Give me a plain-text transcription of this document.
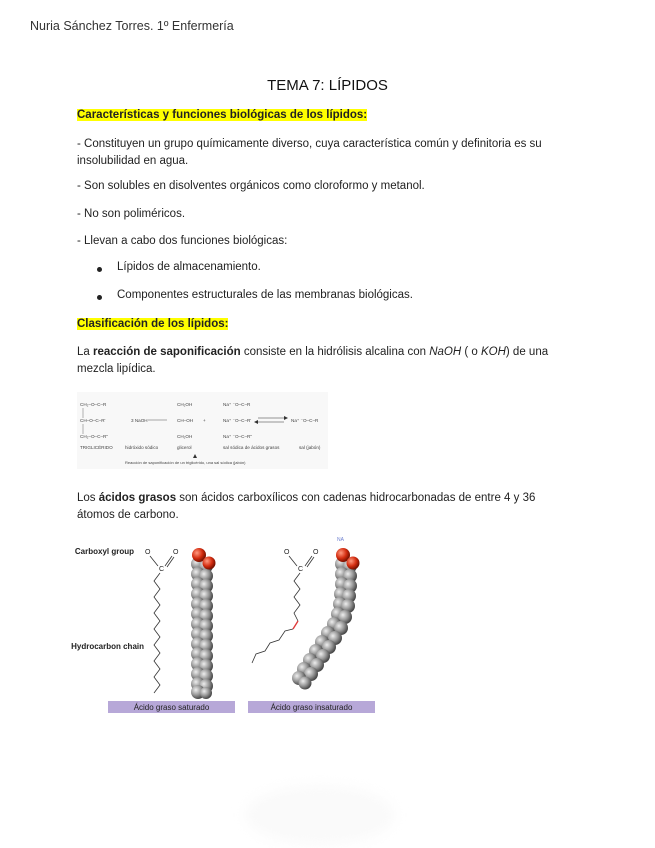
Nuria Sánchez Torres. 1º Enfermería
TEMA 7: LÍPIDOS
Características y funciones biológicas de los lípidos:
- Constituyen un grupo químicamente diverso, cuya característica común y definitoria es su insolubilidad en agua.
- Son solubles en disolventes orgánicos como cloroformo y metanol.
- No son poliméricos.
- Llevan a cabo dos funciones biológicas:
Lípidos de almacenamiento.
Componentes estructurales de las membranas biológicas.
Clasificación de los lípidos:
La reacción de saponificación consiste en la hidrólisis alcalina con NaOH ( o KOH) de una mezcla lipídica.
CH₂–O–C–R
CH–O–C–R'
CH₂–O–C–R''
3 NaOH
CH₂OH
CH–OH
CH₂OH
+
Na⁺ ⁻O–C–R
Na⁺ ⁻O–C–R'
Na⁺ ⁻O–C–R''
Na⁺ ⁻O–C–R
TRIGLICÉRIDO	hidróxido sódico	glicerol	sal sódica de ácidos grasos	sal (jabón)
Reacción de saponificación de un triglicérido, una sal sódica (jabón)
Los ácidos grasos son ácidos carboxílicos con cadenas hidrocarbonadas de entre 4 y 36 átomos de carbono.
Carboxyl group
Hydrocarbon chain
O	O
C
Ácido graso saturado
O	O
C
NA
Ácido graso insaturado
